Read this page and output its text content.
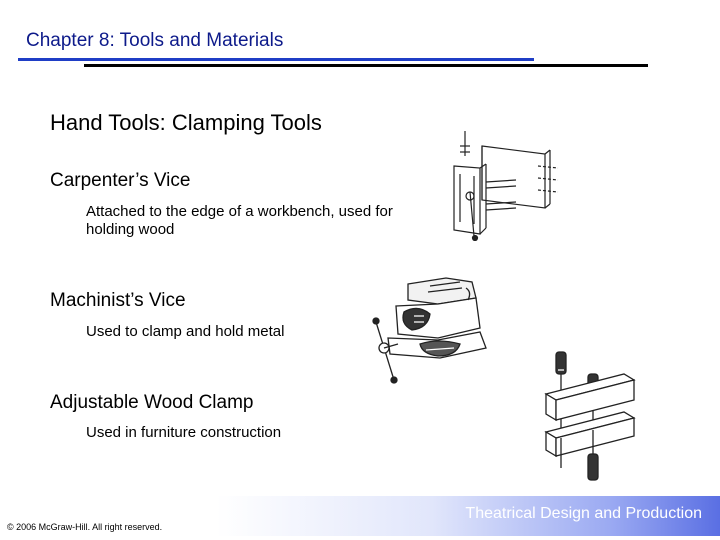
Chapter 8: Tools and Materials
Hand Tools: Clamping Tools
Carpenter’s Vice
Attached to the edge of a workbench, used for holding wood
Machinist’s Vice
Used to clamp and hold metal
Adjustable Wood Clamp
Used in furniture construction
Theatrical Design and Production
© 2006 McGraw-Hill. All right reserved.
